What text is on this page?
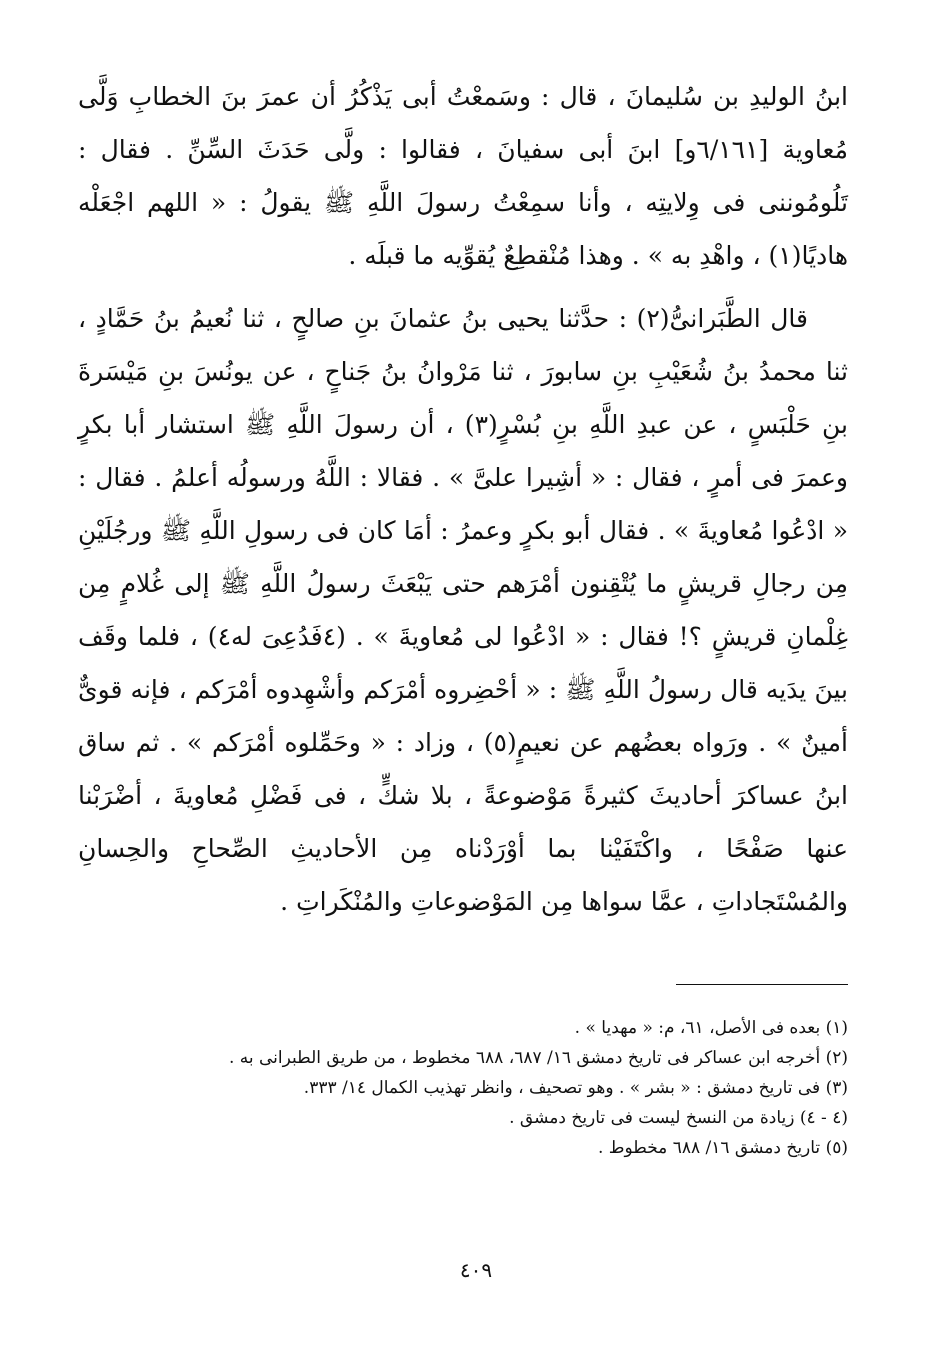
ابنُ الوليدِ بن سُليمانَ ، قال : وسَمعْتُ أبى يَذْكُرُ أن عمرَ بنَ الخطابِ وَلَّى مُعاوية [٦/١٦١و] ابنَ أبى سفيانَ ، فقالوا : ولَّى حَدَثَ السِّنِّ . فقال : تَلُومُوننى فى وِلايتِه ، وأنا سمِعْتُ رسولَ اللَّهِ ﷺ يقولُ : « اللهم اجْعَلْه هاديًا(١) ، واهْدِ به » . وهذا مُنْقطِعٌ يُقوِّيه ما قبلَه .

قال الطَّبَرانىُّ(٢) : حدَّثنا يحيى بنُ عثمانَ بنِ صالحٍ ، ثنا نُعيمُ بنُ حَمَّادٍ ، ثنا محمدُ بنُ شُعَيْبِ بنِ سابورَ ، ثنا مَرْوانُ بنُ جَناحٍ ، عن يونُسَ بنِ مَيْسَرةَ بنِ حَلْبَسٍ ، عن عبدِ اللَّهِ بنِ بُسْرٍ(٣) ، أن رسولَ اللَّهِ ﷺ استشار أبا بكرٍ وعمرَ فى أمرٍ ، فقال : « أشِيرا علىَّ » . فقالا : اللَّهُ ورسولُه أعلمُ . فقال : « ادْعُوا مُعاويةَ » . فقال أبو بكرٍ وعمرُ : أمَا كان فى رسولِ اللَّهِ ﷺ ورجُلَيْنِ مِن رجالِ قريشٍ ما يُتْقِنون أمْرَهم حتى يَبْعَثَ رسولُ اللَّهِ ﷺ إلى غُلامٍ مِن غِلْمانِ قريشٍ ؟! فقال : « ادْعُوا لى مُعاويةَ » . (٤فَدُعِىَ له٤) ، فلما وقَف بينَ يدَيه قال رسولُ اللَّهِ ﷺ : « أحْضِروه أمْرَكم وأشْهِدوه أمْرَكم ، فإنه قوىٌّ أمينٌ » . ورَواه بعضُهم عن نعيمٍ(٥) ، وزاد : « وحَمِّلوه أمْرَكم » . ثم ساق ابنُ عساكرَ أحاديثَ كثيرةً مَوْضوعةً ، بلا شكٍّ ، فى فَضْلِ مُعاويةَ ، أضْرَبْنا عنها صَفْحًا ، واكْتَفَيْنا بما أوْرَدْناه مِن الأحاديثِ الصِّحاحِ والحِسانِ والمُسْتَجاداتِ ، عمَّا سواها مِن المَوْضوعاتِ والمُنْكَراتِ .

(١) بعده فى الأصل، ٦١، م: « مهديا » .

(٢) أخرجه ابن عساكر فى تاريخ دمشق ١٦/ ٦٨٧، ٦٨٨ مخطوط ، من طريق الطبرانى به .

(٣) فى تاريخ دمشق : « بشر » . وهو تصحيف ، وانظر تهذيب الكمال ١٤/ ٣٣٣.

(٤ - ٤) زيادة من النسخ ليست فى تاريخ دمشق .

(٥) تاريخ دمشق ١٦/ ٦٨٨ مخطوط .

٤٠٩
